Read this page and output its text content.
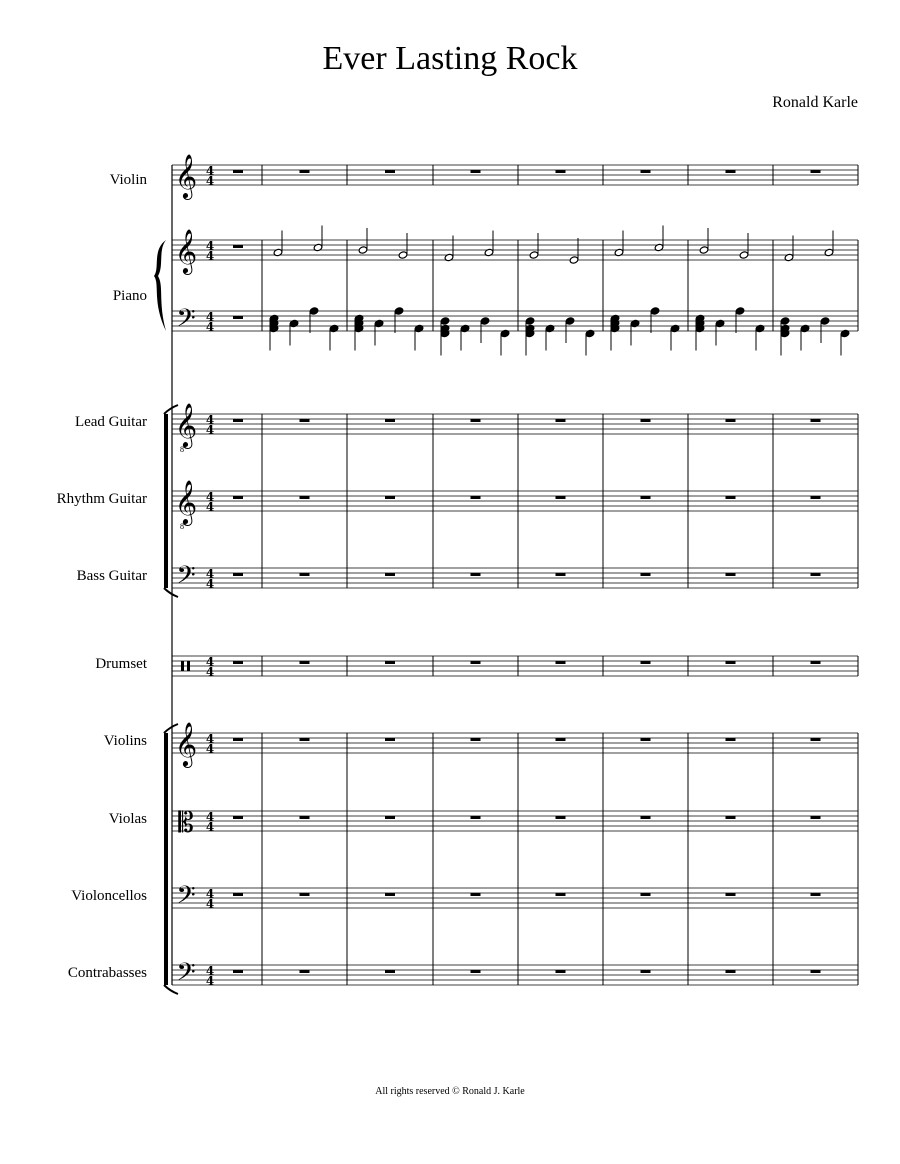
Ever Lasting Rock
Ronald Karle
Violin
Piano
Lead Guitar
Rhythm Guitar
Bass Guitar
Drumset
Violins
Violas
Violoncellos
Contrabasses
𝄞
𝄞
𝄢
𝄞
8
𝄞
8
𝄢
𝄞
𝄡
𝄢
𝄢
4
4
4
4
4
4
4
4
4
4
4
4
4
4
4
4
4
4
4
4
4
4
All rights reserved © Ronald J. Karle
